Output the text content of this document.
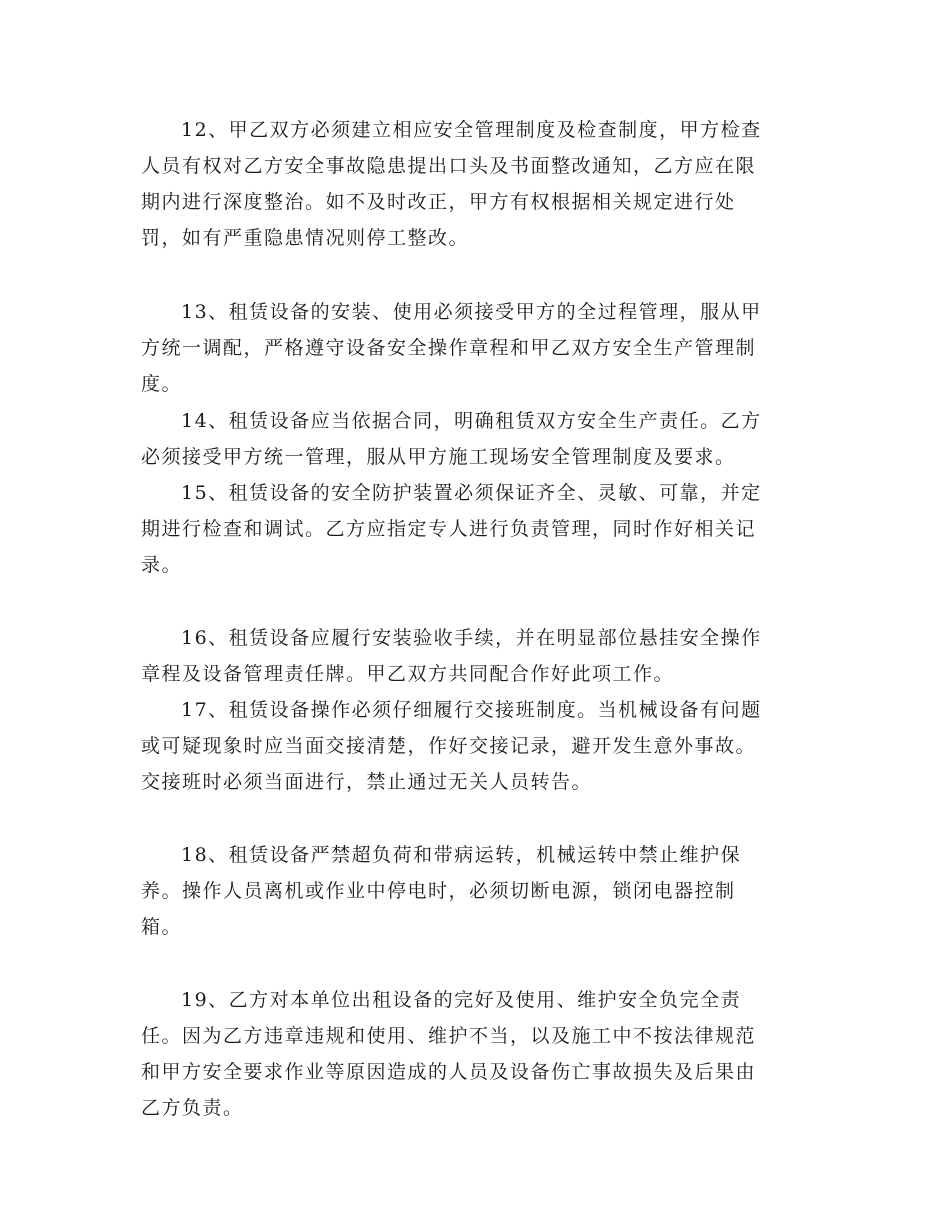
12、甲乙双方必须建立相应安全管理制度及检查制度，甲方检查
人员有权对乙方安全事故隐患提出口头及书面整改通知，乙方应在限
期内进行深度整治。如不及时改正，甲方有权根据相关规定进行处
罚，如有严重隐患情况则停工整改。
13、租赁设备的安装、使用必须接受甲方的全过程管理，服从甲
方统一调配，严格遵守设备安全操作章程和甲乙双方安全生产管理制
度。
14、租赁设备应当依据合同，明确租赁双方安全生产责任。乙方
必须接受甲方统一管理，服从甲方施工现场安全管理制度及要求。
15、租赁设备的安全防护装置必须保证齐全、灵敏、可靠，并定
期进行检查和调试。乙方应指定专人进行负责管理，同时作好相关记
录。
16、租赁设备应履行安装验收手续，并在明显部位悬挂安全操作
章程及设备管理责任牌。甲乙双方共同配合作好此项工作。
17、租赁设备操作必须仔细履行交接班制度。当机械设备有问题
或可疑现象时应当面交接清楚，作好交接记录，避开发生意外事故。
交接班时必须当面进行，禁止通过无关人员转告。
18、租赁设备严禁超负荷和带病运转，机械运转中禁止维护保
养。操作人员离机或作业中停电时，必须切断电源，锁闭电器控制
箱。
19、乙方对本单位出租设备的完好及使用、维护安全负完全责
任。因为乙方违章违规和使用、维护不当，以及施工中不按法律规范
和甲方安全要求作业等原因造成的人员及设备伤亡事故损失及后果由
乙方负责。
